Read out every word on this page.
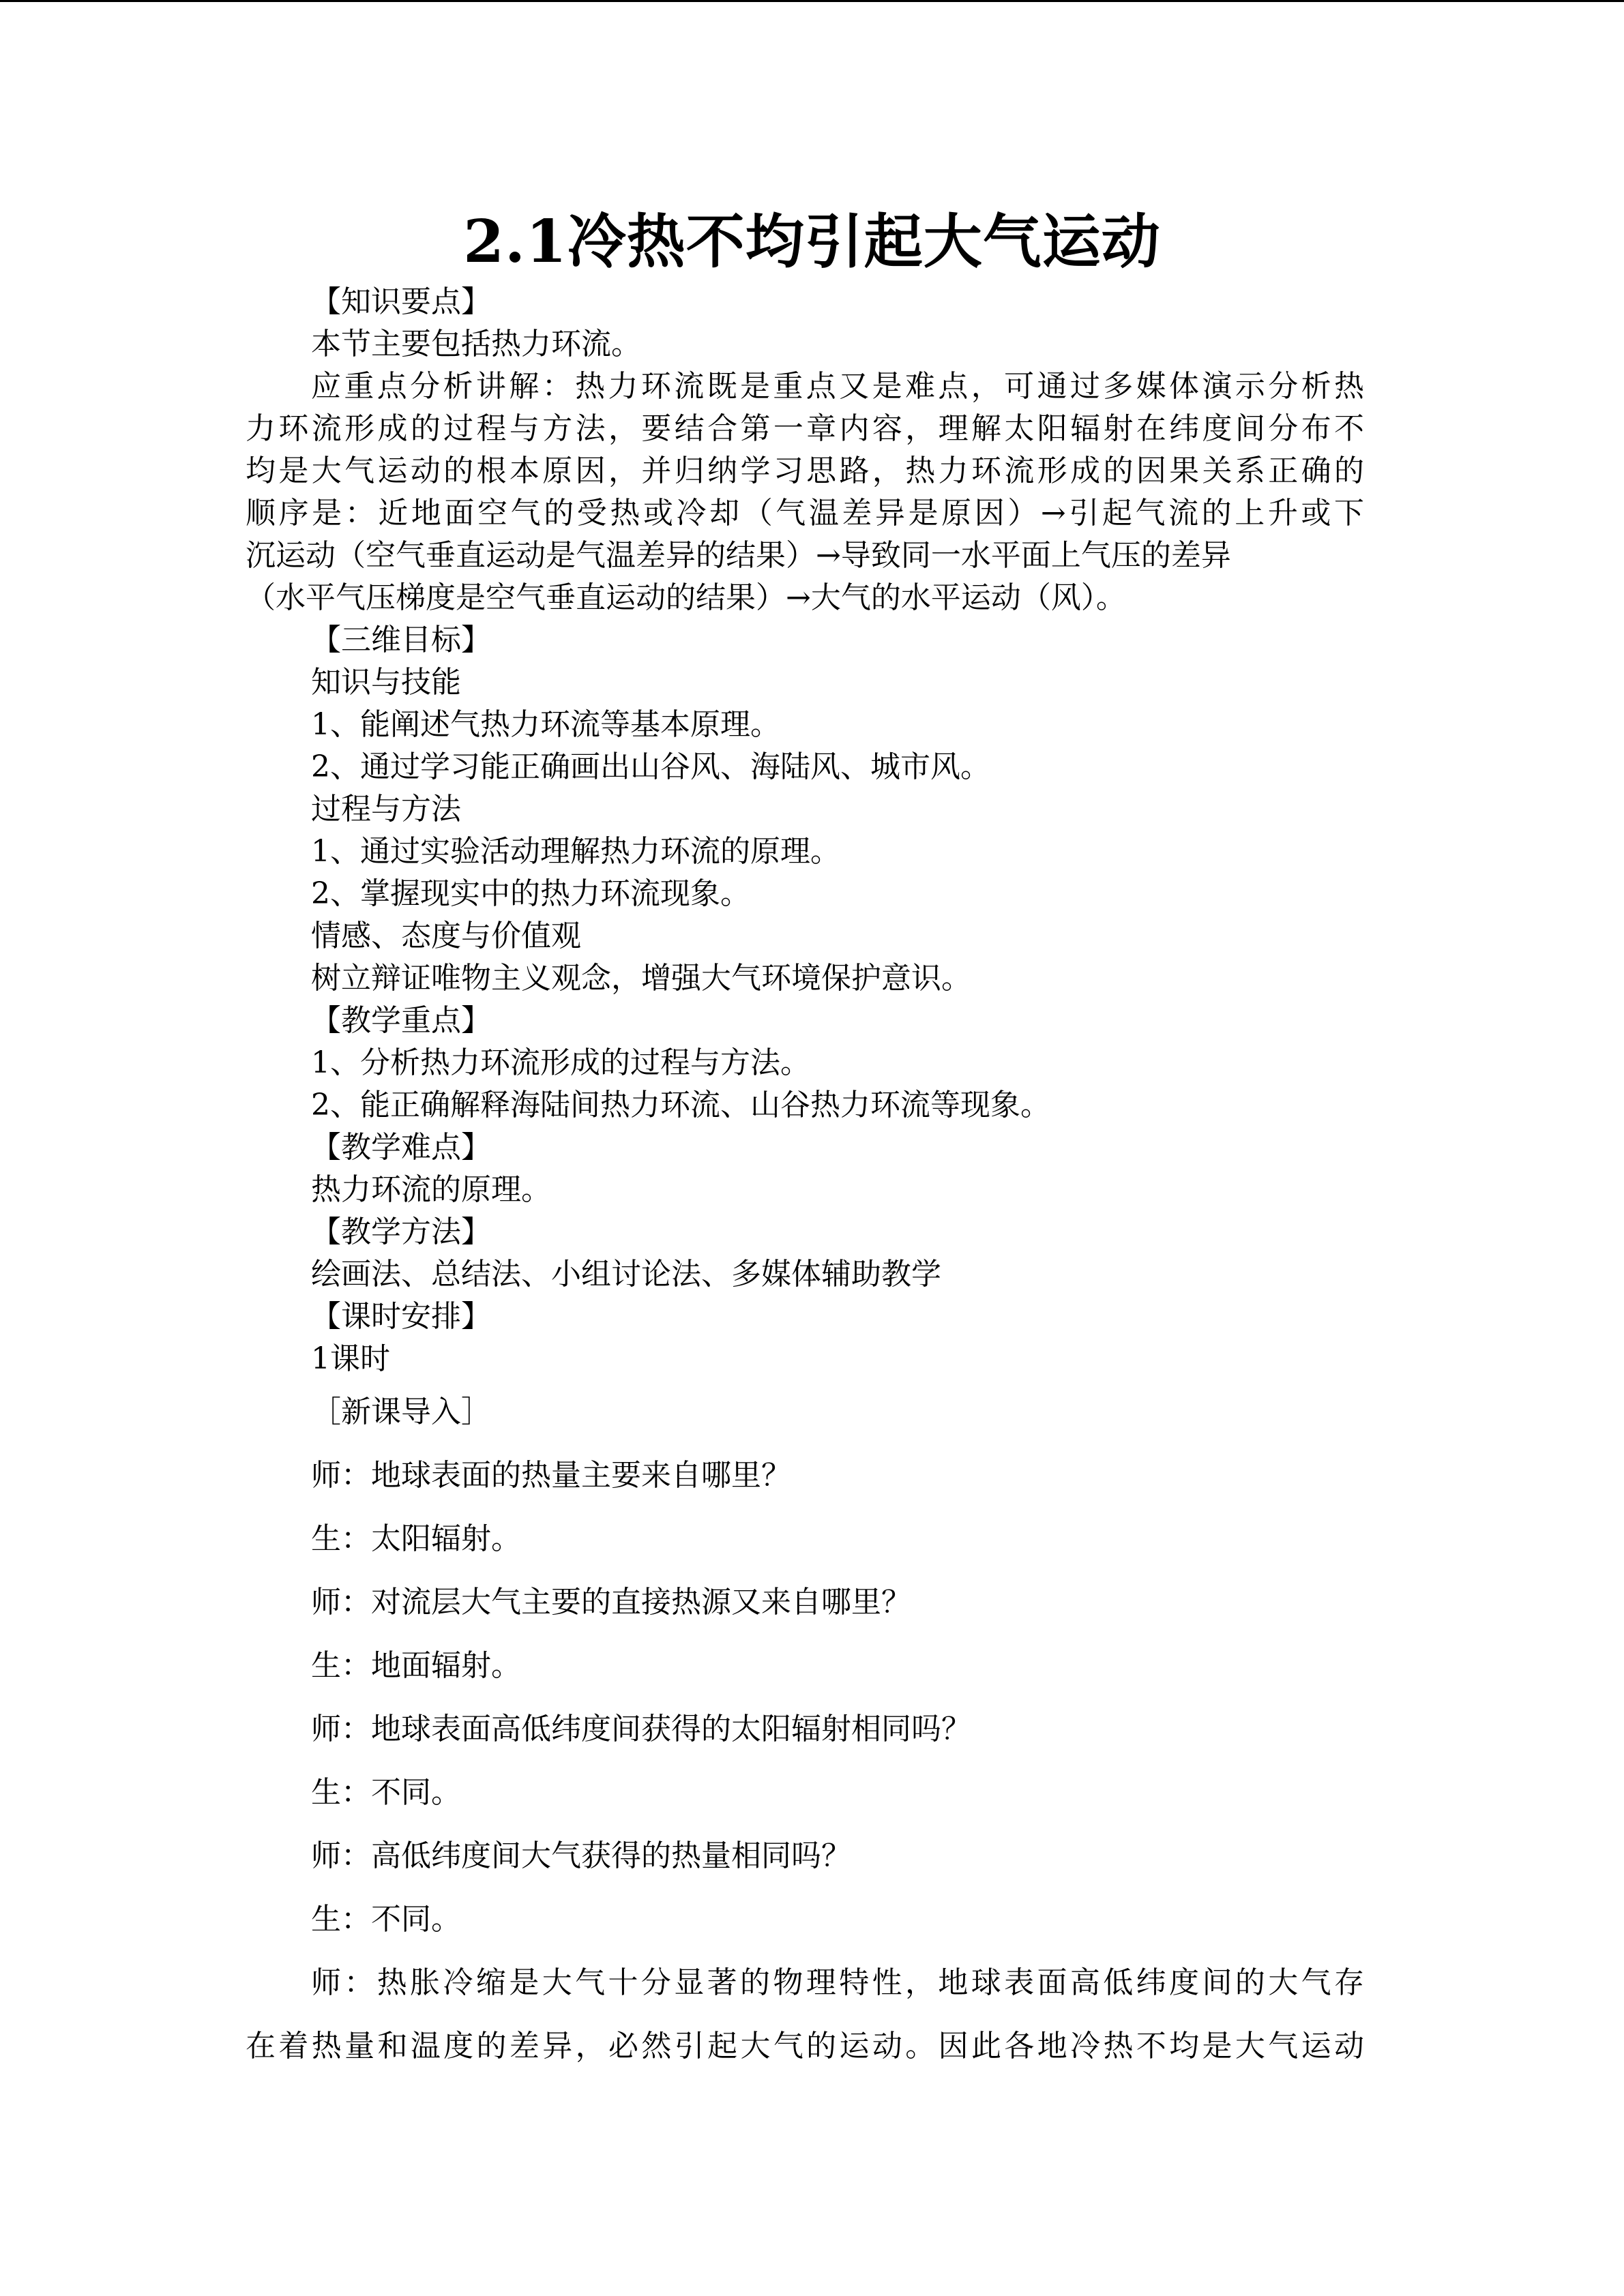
2.1冷热不均引起大气运动

【知识要点】

本节主要包括热力环流。

应重点分析讲解：热力环流既是重点又是难点，可通过多媒体演示分析热

力环流形成的过程与方法，要结合第一章内容，理解太阳辐射在纬度间分布不

均是大气运动的根本原因，并归纳学习思路，热力环流形成的因果关系正确的

顺序是：近地面空气的受热或冷却（气温差异是原因）→引起气流的上升或下

沉运动（空气垂直运动是气温差异的结果）→导致同一水平面上气压的差异

（水平气压梯度是空气垂直运动的结果）→大气的水平运动（风）。

【三维目标】

知识与技能

1、能阐述气热力环流等基本原理。

2、通过学习能正确画出山谷风、海陆风、城市风。

过程与方法

1、通过实验活动理解热力环流的原理。

2、掌握现实中的热力环流现象。

情感、态度与价值观

树立辩证唯物主义观念，增强大气环境保护意识。

【教学重点】

1、分析热力环流形成的过程与方法。

2、能正确解释海陆间热力环流、山谷热力环流等现象。

【教学难点】

热力环流的原理。

【教学方法】

绘画法、总结法、小组讨论法、多媒体辅助教学

【课时安排】

1课时

［新课导入］

师：地球表面的热量主要来自哪里？

生：太阳辐射。

师：对流层大气主要的直接热源又来自哪里？

生：地面辐射。

师：地球表面高低纬度间获得的太阳辐射相同吗？

生：不同。

师：高低纬度间大气获得的热量相同吗？

生：不同。

师：热胀冷缩是大气十分显著的物理特性，地球表面高低纬度间的大气存

在着热量和温度的差异，必然引起大气的运动。因此各地冷热不均是大气运动
